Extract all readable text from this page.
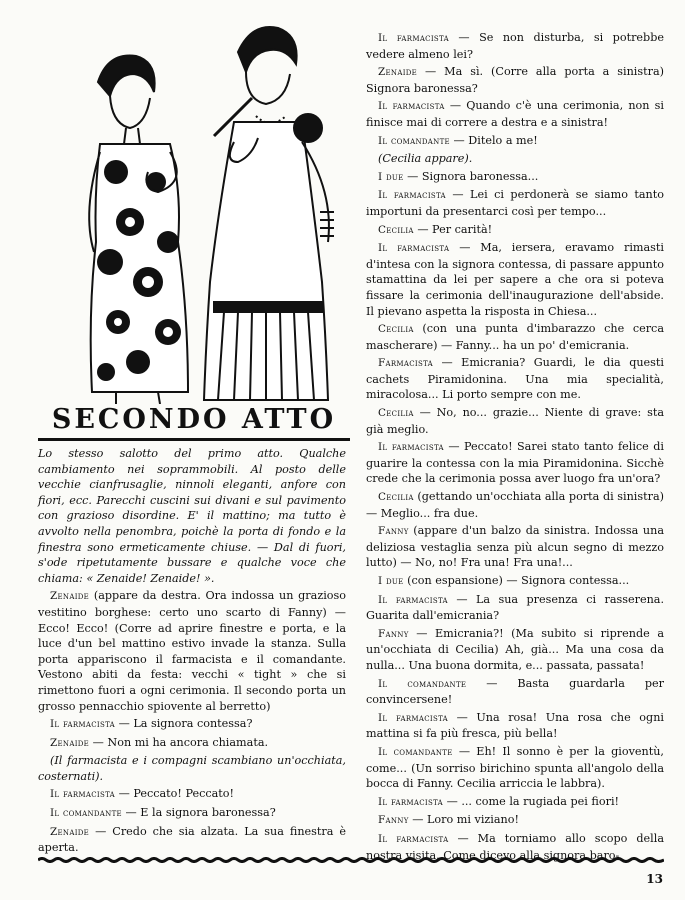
SECONDO ATTO

Lo stesso salotto del primo atto. Qualche cambiamento nei soprammobili. Al posto delle vecchie cianfrusaglie, ninnoli eleganti, anfore con fiori, ecc. Parecchi cuscini sui divani e sul pavimento con grazioso disordine. E' il mattino; ma tutto è avvolto nella penombra, poichè la porta di fondo e la finestra sono ermeticamente chiuse. — Dal di fuori, s'ode ripetutamente bussare e qualche voce che chiama: « Zenaide! Zenaide! ».

Zenaide (appare da destra. Ora indossa un grazioso vestitino borghese: certo uno scarto di Fanny) — Ecco! Ecco! (Corre ad aprire finestre e porta, e la luce d'un bel mattino estivo invade la stanza. Sulla porta appariscono il farmacista e il comandante. Vestono abiti da festa: vecchi « tight » che si rimettono fuori a ogni cerimonia. Il secondo porta un grosso pennacchio spiovente al berretto)

Il farmacista — La signora contessa?

Zenaide — Non mi ha ancora chiamata.

(Il farmacista e i compagni scambiano un'occhiata, costernati).

Il farmacista — Peccato! Peccato!

Il comandante — E la signora baronessa?

Zenaide — Credo che sia alzata. La sua finestra è aperta.

Il farmacista — Se non disturba, si potrebbe vedere almeno lei?

Zenaide — Ma sì. (Corre alla porta a sinistra) Signora baronessa?

Il farmacista — Quando c'è una cerimonia, non si finisce mai di correre a destra e a sinistra!

Il comandante — Ditelo a me!

(Cecilia appare).

I due — Signora baronessa...

Il farmacista — Lei ci perdonerà se siamo tanto importuni da presentarci così per tempo...

Cecilia — Per carità!

Il farmacista — Ma, iersera, eravamo rimasti d'intesa con la signora contessa, di passare appunto stamattina da lei per sapere a che ora si poteva fissare la cerimonia dell'inaugurazione dell'abside. Il pievano aspetta la risposta in Chiesa...

Cecilia (con una punta d'imbarazzo che cerca mascherare) — Fanny... ha un po' d'emicrania.

Farmacista — Emicrania? Guardi, le dia questi cachets Piramidonina. Una mia specialità, miracolosa... Li porto sempre con me.

Cecilia — No, no... grazie... Niente di grave: sta già meglio.

Il farmacista — Peccato! Sarei stato tanto felice di guarire la contessa con la mia Piramidonina. Sicchè crede che la cerimonia possa aver luogo fra un'ora?

Cecilia (gettando un'occhiata alla porta di sinistra) — Meglio... fra due.

Fanny (appare d'un balzo da sinistra. Indossa una deliziosa vestaglia senza più alcun segno di mezzo lutto) — No, no! Fra una! Fra una!...

I due (con espansione) — Signora contessa...

Il farmacista — La sua presenza ci rasserena. Guarita dall'emicrania?

Fanny — Emicrania?! (Ma subito si riprende a un'occhiata di Cecilia) Ah, già... Ma una cosa da nulla... Una buona dormita, e... passata, passata!

Il comandante — Basta guardarla per convincersene!

Il farmacista — Una rosa! Una rosa che ogni mattina si fa più fresca, più bella!

Il comandante — Eh! Il sonno è per la gioventù, come... (Un sorriso birichino spunta all'angolo della bocca di Fanny. Cecilia arriccia le labbra).

Il farmacista — ... come la rugiada pei fiori!

Fanny — Loro mi viziano!

Il farmacista — Ma torniamo allo scopo della nostra visita. Come dicevo alla signora baro-

13
